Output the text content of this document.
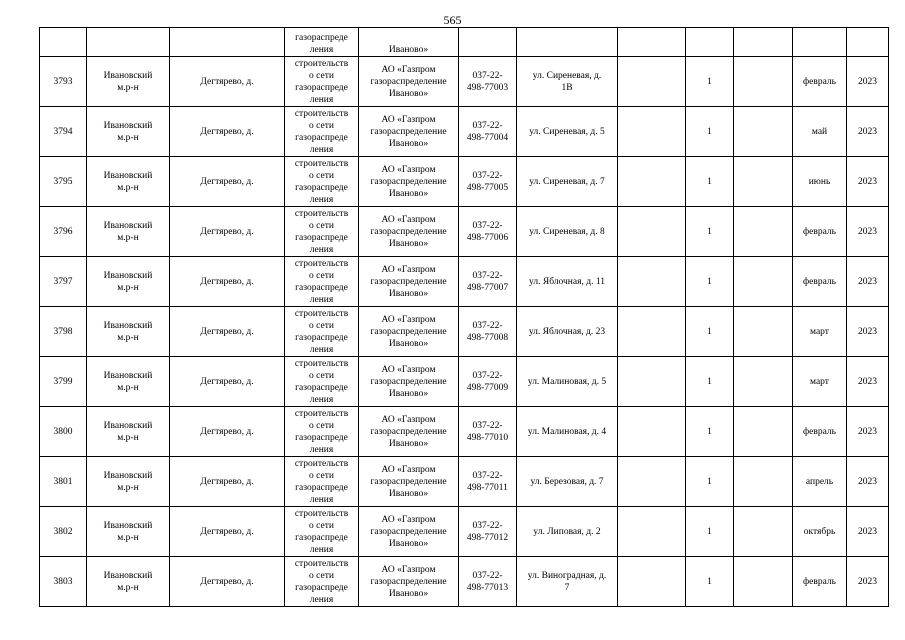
565
			газораспреде
ления	Иваново»							
3793	Ивановский
м.р-н	Дегтярево, д.	строительств
о сети
газораспреде
ления	АО «Газпром
газораспределение
Иваново»	037-22-
498-77003	ул. Сиреневая, д.
1В		1		февраль	2023
3794	Ивановский
м.р-н	Дегтярево, д.	строительств
о сети
газораспреде
ления	АО «Газпром
газораспределение
Иваново»	037-22-
498-77004	ул. Сиреневая, д. 5		1		май	2023
3795	Ивановский
м.р-н	Дегтярево, д.	строительств
о сети
газораспреде
ления	АО «Газпром
газораспределение
Иваново»	037-22-
498-77005	ул. Сиреневая, д. 7		1		июнь	2023
3796	Ивановский
м.р-н	Дегтярево, д.	строительств
о сети
газораспреде
ления	АО «Газпром
газораспределение
Иваново»	037-22-
498-77006	ул. Сиреневая, д. 8		1		февраль	2023
3797	Ивановский
м.р-н	Дегтярево, д.	строительств
о сети
газораспреде
ления	АО «Газпром
газораспределение
Иваново»	037-22-
498-77007	ул. Яблочная, д. 11		1		февраль	2023
3798	Ивановский
м.р-н	Дегтярево, д.	строительств
о сети
газораспреде
ления	АО «Газпром
газораспределение
Иваново»	037-22-
498-77008	ул. Яблочная, д. 23		1		март	2023
3799	Ивановский
м.р-н	Дегтярево, д.	строительств
о сети
газораспреде
ления	АО «Газпром
газораспределение
Иваново»	037-22-
498-77009	ул. Малиновая, д. 5		1		март	2023
3800	Ивановский
м.р-н	Дегтярево, д.	строительств
о сети
газораспреде
ления	АО «Газпром
газораспределение
Иваново»	037-22-
498-77010	ул. Малиновая, д. 4		1		февраль	2023
3801	Ивановский
м.р-н	Дегтярево, д.	строительств
о сети
газораспреде
ления	АО «Газпром
газораспределение
Иваново»	037-22-
498-77011	ул. Березовая, д. 7		1		апрель	2023
3802	Ивановский
м.р-н	Дегтярево, д.	строительств
о сети
газораспреде
ления	АО «Газпром
газораспределение
Иваново»	037-22-
498-77012	ул. Липовая, д. 2		1		октябрь	2023
3803	Ивановский
м.р-н	Дегтярево, д.	строительств
о сети
газораспреде
ления	АО «Газпром
газораспределение
Иваново»	037-22-
498-77013	ул. Виноградная, д.
7		1		февраль	2023
